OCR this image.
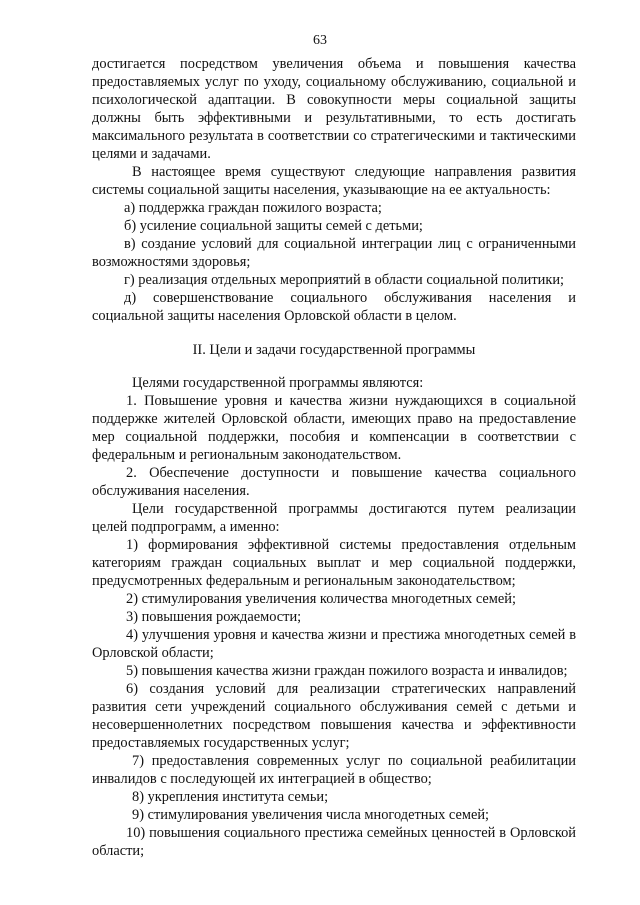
63

достигается посредством увеличения объема и повышения качества предоставляемых услуг по уходу, социальному обслуживанию, социальной и психологической адаптации. В совокупности меры социальной защиты должны быть эффективными и результативными, то есть достигать максимального результата в соответствии со стратегическими и тактическими целями и задачами.

В настоящее время существуют следующие направления развития системы социальной защиты населения, указывающие на ее актуальность:

а) поддержка граждан пожилого возраста;

б) усиление социальной защиты семей с детьми;

в) создание условий для социальной интеграции лиц с ограниченными возможностями здоровья;

г) реализация отдельных мероприятий в области социальной политики;

д) совершенствование социального обслуживания населения и социальной защиты населения Орловской области в целом.

II. Цели и задачи государственной программы

Целями государственной программы являются:

1. Повышение уровня и качества жизни нуждающихся в социальной поддержке жителей Орловской области, имеющих право на предоставление мер социальной поддержки, пособия и компенсации в соответствии с федеральным и региональным законодательством.

2. Обеспечение доступности и повышение качества социального обслуживания населения.

Цели государственной программы достигаются путем реализации целей подпрограмм, а именно:

1) формирования эффективной системы предоставления отдельным категориям граждан социальных выплат и мер социальной поддержки, предусмотренных федеральным и региональным законодательством;

2) стимулирования увеличения количества многодетных семей;

3) повышения рождаемости;

4) улучшения уровня и качества жизни и престижа многодетных семей в Орловской области;

5) повышения качества жизни граждан пожилого возраста и инвалидов;

6) создания условий для реализации стратегических направлений развития сети учреждений социального обслуживания семей с детьми и несовершеннолетних посредством повышения качества и эффективности предоставляемых государственных услуг;

7) предоставления современных услуг по социальной реабилитации инвалидов с последующей их интеграцией в общество;

8) укрепления института семьи;

9) стимулирования увеличения числа многодетных семей;

10) повышения социального престижа семейных ценностей в Орловской области;
